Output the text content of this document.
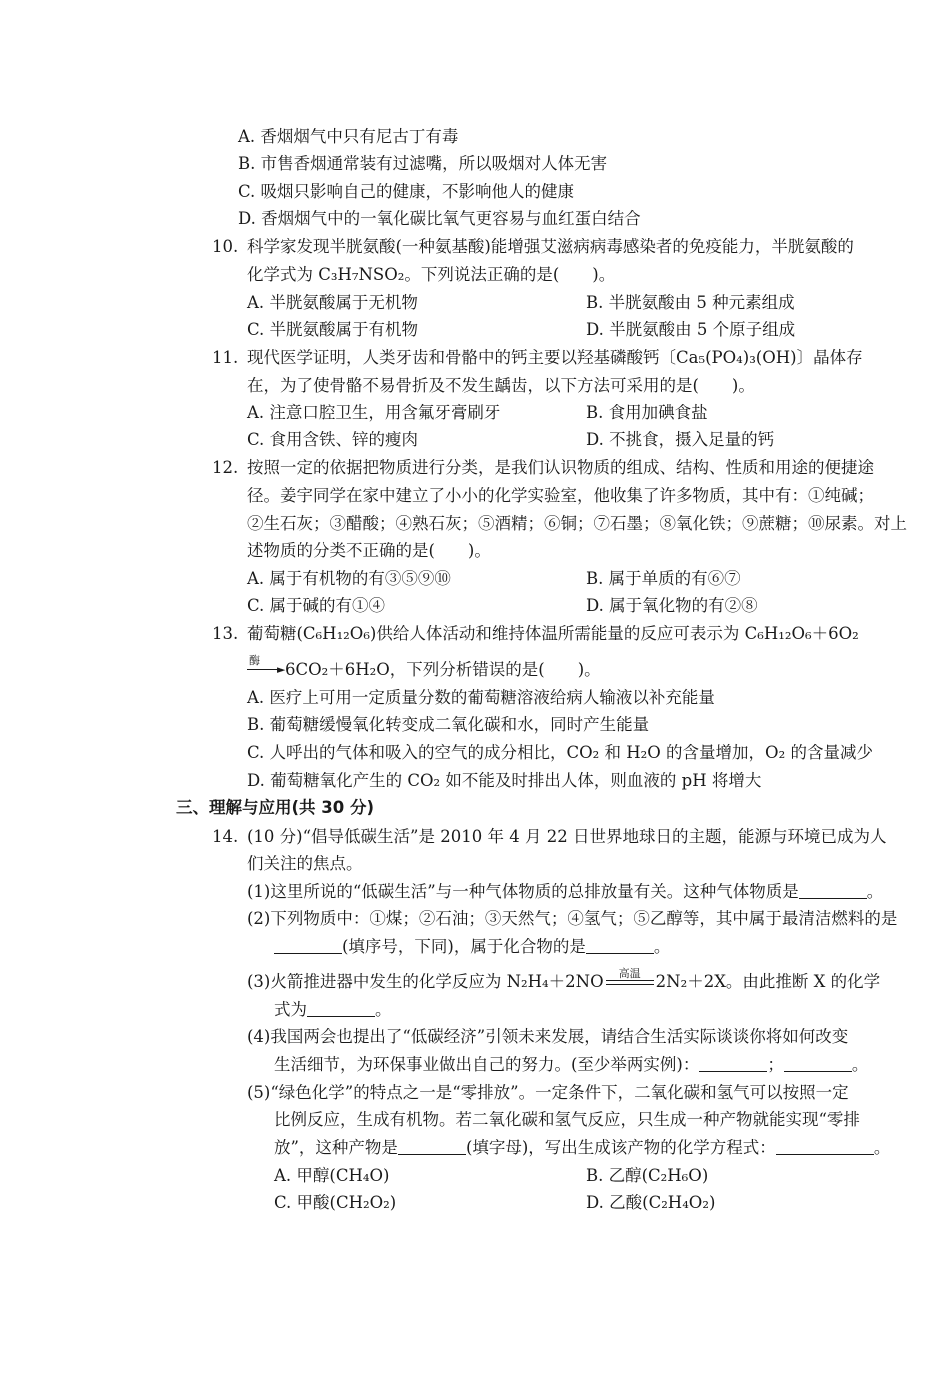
A. 香烟烟气中只有尼古丁有毒
B. 市售香烟通常装有过滤嘴，所以吸烟对人体无害
C. 吸烟只影响自己的健康，不影响他人的健康
D. 香烟烟气中的一氧化碳比氧气更容易与血红蛋白结合
10. 科学家发现半胱氨酸(一种氨基酸)能增强艾滋病病毒感染者的免疫能力，半胱氨酸的
化学式为 C₃H₇NSO₂。下列说法正确的是(　　)。
A. 半胱氨酸属于无机物	B. 半胱氨酸由 5 种元素组成
C. 半胱氨酸属于有机物	D. 半胱氨酸由 5 个原子组成
11. 现代医学证明，人类牙齿和骨骼中的钙主要以羟基磷酸钙〔Ca₅(PO₄)₃(OH)〕晶体存
在，为了使骨骼不易骨折及不发生龋齿，以下方法可采用的是(　　)。
A. 注意口腔卫生，用含氟牙膏刷牙	B. 食用加碘食盐
C. 食用含铁、锌的瘦肉	D. 不挑食，摄入足量的钙
12. 按照一定的依据把物质进行分类，是我们认识物质的组成、结构、性质和用途的便捷途
径。姜宇同学在家中建立了小小的化学实验室，他收集了许多物质，其中有：①纯碱；
②生石灰；③醋酸；④熟石灰；⑤酒精；⑥铜；⑦石墨；⑧氧化铁；⑨蔗糖；⑩尿素。对上
述物质的分类不正确的是(　　)。
A. 属于有机物的有③⑤⑨⑩	B. 属于单质的有⑥⑦
C. 属于碱的有①④	D. 属于氧化物的有②⑧
13. 葡萄糖(C₆H₁₂O₆)供给人体活动和维持体温所需能量的反应可表示为 C₆H₁₂O₆＋6O₂
酶
► 6CO₂＋6H₂O，下列分析错误的是(　　)。
A. 医疗上可用一定质量分数的葡萄糖溶液给病人输液以补充能量
B. 葡萄糖缓慢氧化转变成二氧化碳和水，同时产生能量
C. 人呼出的气体和吸入的空气的成分相比，CO₂ 和 H₂O 的含量增加，O₂ 的含量减少
D. 葡萄糖氧化产生的 CO₂ 如不能及时排出人体，则血液的 pH 将增大
三、理解与应用(共 30 分)
14. (10 分)“倡导低碳生活”是 2010 年 4 月 22 日世界地球日的主题，能源与环境已成为人
们关注的焦点。
(1)这里所说的“低碳生活”与一种气体物质的总排放量有关。这种气体物质是	。
(2)下列物质中：①煤；②石油；③天然气；④氢气；⑤乙醇等，其中属于最清洁燃料的是
(填序号，下同)，属于化合物的是	。
(3)火箭推进器中发生的化学反应为 N₂H₄＋2NO	高温 2N₂＋2X。由此推断 X 的化学
式为	。
(4)我国两会也提出了“低碳经济”引领未来发展，请结合生活实际谈谈你将如何改变
生活细节，为环保事业做出自己的努力。(至少举两实例)：	；	。
(5)“绿色化学”的特点之一是“零排放”。一定条件下，二氧化碳和氢气可以按照一定
比例反应，生成有机物。若二氧化碳和氢气反应，只生成一种产物就能实现“零排
放”，这种产物是	(填字母)，写出生成该产物的化学方程式：	。
A. 甲醇(CH₄O)	B. 乙醇(C₂H₆O)
C. 甲酸(CH₂O₂)	D. 乙酸(C₂H₄O₂)
